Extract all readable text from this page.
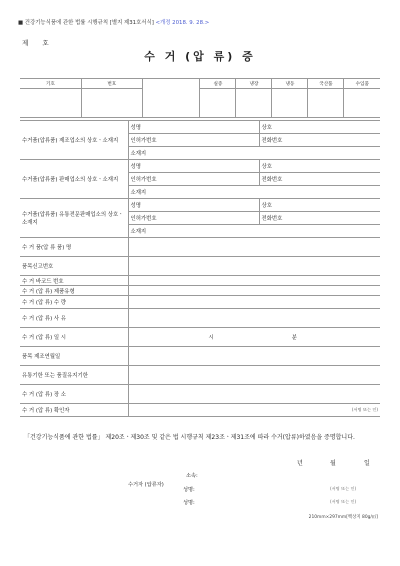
■ 건강기능식품에 관한 법률 시행규칙 [별지 제31호서식] <개정 2018. 9. 28.>
제 호
수 거 (압 류) 증
기호	번호		실증	냉장	냉동	국산품	수입품

수거품(압류품) 제조업소의 상호ㆍ소재지	성명	상호
	인허가번호	전화번호
	소재지	
수거품(압류품) 판매업소의 상호ㆍ소재지	성명	상호
	인허가번호	전화번호
	소재지	
수거품(압류품) 유통전문판매업소의 상호ㆍ소재지	성명	상호
	인허가번호	전화번호
	소재지	
수 거 품(압 류 품) 명		
품목신고번호		
수 거 바코드 번호		
수 거 (압 류) 제품유형		
수 거 (압 류) 수 량		
수 거 (압 류) 사 유		
수 거 (압 류) 일 시	시 분	
품목 제조연월일		
유통기한 또는 품질유지기한		
수 거 (압 류) 장 소		
수 거 (압 류) 확인자	(서명 또는 인)	
「건강기능식품에 관한 법률」 제20조ㆍ제30조 및 같은 법 시행규칙 제23조ㆍ제31조에 따라 수거(압류)하였음을 증명합니다.
년	월	일
수거자 (압류자)
소속:
성명:
성명:
(서명 또는 인)
(서명 또는 인)
210mm×297mm[백상지 80g/㎡]
